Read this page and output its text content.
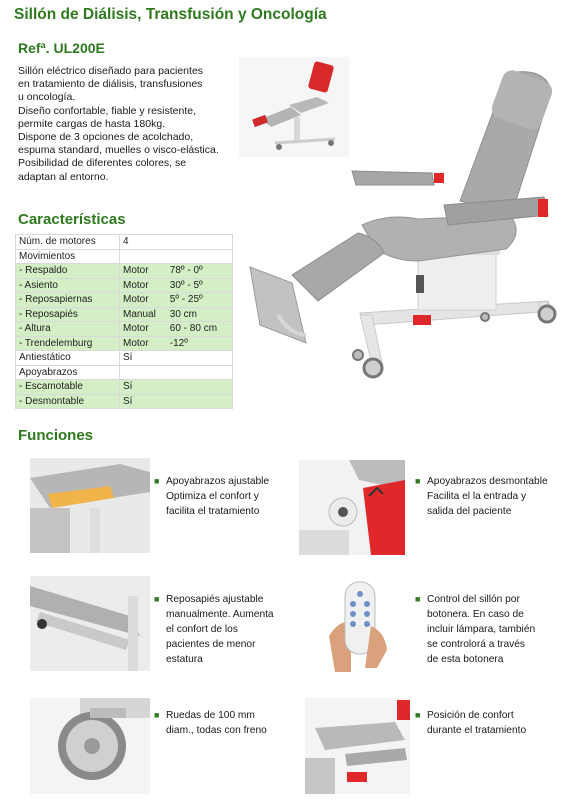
Sillón de Diálisis, Transfusión y Oncología
Refª. UL200E

Sillón eléctrico diseñado para pacientes

en tratamiento de diálisis, transfusiones

u oncología.

Diseño confortable, fiable y resistente,

permite cargas de hasta 180kg.

Dispone de 3 opciones de acolchado,

espuma standard, muelles o visco-elástica.

Posibilidad de diferentes colores, se

adaptan al entorno.

Características
Núm. de motores	4
Movimientos	
- Respaldo	Motor 78º - 0º
- Asiento	Motor 30º - 5º
- Reposapiernas	Motor 5º - 25º
- Reposapiés	Manual 30 cm
- Altura	Motor 60 - 80 cm
- Trendelemburg	Motor -12º
Antiestático	Sí
Apoyabrazos	
- Escamotable	Sí
- Desmontable	Sí
Funciones
■ Apoyabrazos ajustable
Optimiza el confort y
facilita el tratamiento
■ Apoyabrazos desmontable
Facilita el la entrada y
salida del paciente
■ Reposapiés ajustable
manualmente. Aumenta
el confort de los
pacientes de menor
estatura
■ Control del sillón por
botonera. En caso de
incluir lámpara, también
se controlorá a través
de esta botonera
■ Ruedas de 100 mm
diam., todas con freno
■ Posición de confort
durante el tratamiento
